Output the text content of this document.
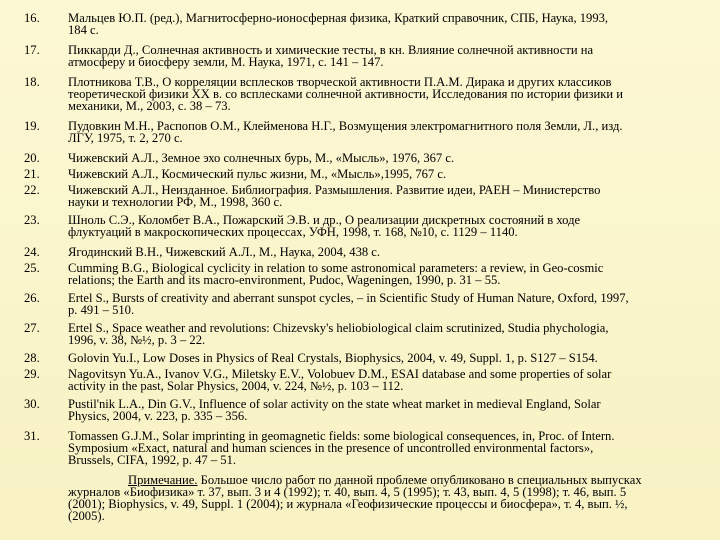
16.	Мальцев Ю.П. (ред.), Магнитосферно-ионосферная физика, Краткий справочник, СПБ, Наука, 1993,
184 с.
17.	Пиккарди Д., Солнечная активность и химические тесты, в кн. Влияние солнечной активности на
атмосферу и биосферу земли, М. Наука, 1971, с. 141 – 147.
18.	Плотникова Т.В., О корреляции всплесков творческой активности П.А.М. Дирака и других классиков
теоретической физики XX в. со всплесками солнечной активности, Исследования по истории физики и
механики, М., 2003, с. 38 – 73.
19.	Пудовкин М.Н., Распопов О.М., Клейменова Н.Г., Возмущения электромагнитного поля Земли, Л., изд.
ЛГУ, 1975, т. 2, 270 с.
20.	Чижевский А.Л., Земное эхо солнечных бурь, М., «Мысль», 1976, 367 с.
21.	Чижевский А.Л., Космический пульс жизни, М., «Мысль»,1995, 767 с.
22.	Чижевский А.Л., Неизданное. Библиография. Размышления. Развитие идеи, РАЕН – Министерство
науки и технологии РФ, М., 1998, 360 с.
23.	Шноль С.Э., Коломбет В.А., Пожарский Э.В. и др., О реализации дискретных состояний в ходе
флуктуаций в макроскопических процессах, УФН, 1998, т. 168, №10, с. 1129 – 1140.
24.	Ягодинский В.Н., Чижевский А.Л., М., Наука, 2004, 438 с.
25.	Cumming B.G., Biological cyclicity in relation to some astronomical parameters: a review, in Geo-cosmic
relations; the Earth and its macro-environment, Pudoc, Wageningen, 1990, p. 31 – 55.
26.	Ertel S., Bursts of creativity and aberrant sunspot cycles, – in Scientific Study of Human Nature, Oxford, 1997,
p. 491 – 510.
27.	Ertel S., Space weather and revolutions: Chizevsky's heliobiological claim scrutinized, Studia phychologia,
1996, v. 38, №½, p. 3 – 22.
28.	Golovin Yu.I., Low Doses in Physics of Real Crystals, Biophysics, 2004, v. 49, Suppl. 1, p. S127 – S154.
29.	Nagovitsyn Yu.A., Ivanov V.G., Miletsky E.V., Volobuev D.M., ESAI database and some properties of solar
activity in the past, Solar Physics, 2004, v. 224, №½, p. 103 – 112.
30.	Pustil'nik L.A., Din G.V., Influence of solar activity on the state wheat market in medieval England, Solar
Physics, 2004, v. 223, p. 335 – 356.
31.	Tomassen G.J.M., Solar imprinting in geomagnetic fields: some biological consequences, in, Proc. of Intern.
Symposium «Exact, natural and human sciences in the presence of uncontrolled environmental factors»,
Brussels, CIFA, 1992, p. 47 – 51.
Примечание. Большое число работ по данной проблеме опубликовано в специальных выпусках
журналов «Биофизика» т. 37, вып. 3 и 4 (1992); т. 40, вып. 4, 5 (1995); т. 43, вып. 4, 5 (1998); т. 46, вып. 5
(2001); Biophysics, v. 49, Suppl. 1 (2004); и журнала «Геофизические процессы и биосфера», т. 4, вып. ½,
(2005).
